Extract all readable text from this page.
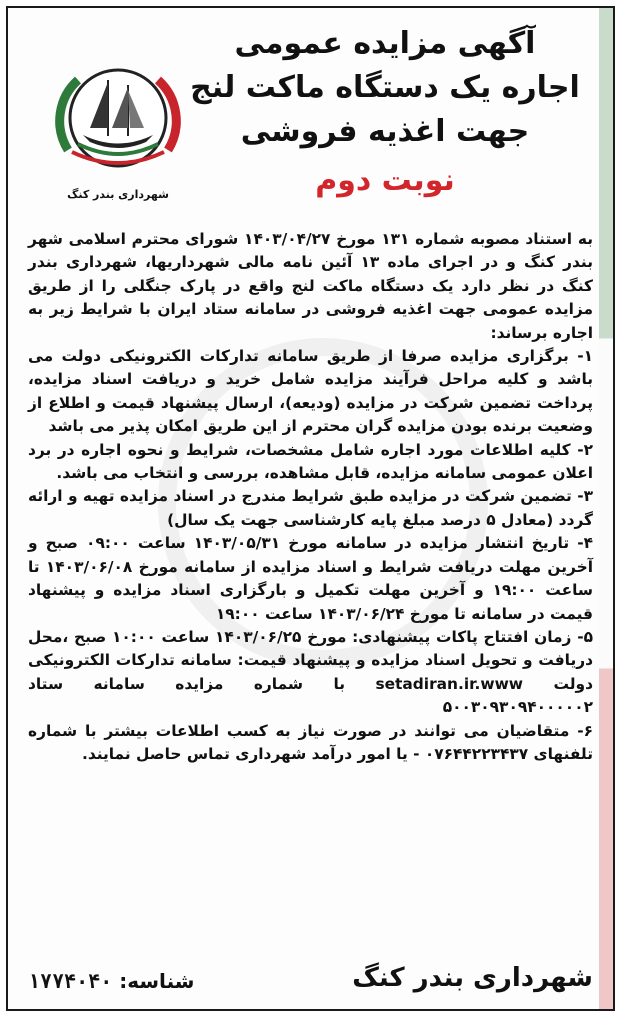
آگهی مزایده عمومی
اجاره یک دستگاه ماکت لنج
جهت اغذیه فروشی
نوبت دوم
شهرداری بندر کنگ

به استناد مصوبه شماره ۱۳۱ مورخ ۱۴۰۳/۰۴/۲۷ شورای محترم اسلامی شهر بندر کنگ و در اجرای ماده ۱۳ آئین نامه مالی شهرداریها، شهرداری بندر کنگ در نظر دارد یک دستگاه ماکت لنج واقع در پارک جنگلی را از طریق مزایده عمومی جهت اغذیه فروشی در سامانه ستاد ایران با شرایط زیر به اجاره برساند:

۱- برگزاری مزایده صرفا از طریق سامانه تدارکات الکترونیکی دولت می باشد و کلیه مراحل فرآیند مزایده شامل خرید و دریافت اسناد مزایده، پرداخت تضمین شرکت در مزایده (ودیعه)، ارسال پیشنهاد قیمت و اطلاع از وضعیت برنده بودن مزایده گران محترم از این طریق امکان پذیر می باشد

۲- کلیه اطلاعات مورد اجاره شامل مشخصات، شرایط و نحوه اجاره در برد اعلان عمومی سامانه مزایده، قابل مشاهده، بررسی و انتخاب می باشد.

۳- تضمین شرکت در مزایده طبق شرایط مندرج در اسناد مزایده تهیه و ارائه گردد (معادل ۵ درصد مبلغ پایه کارشناسی جهت یک سال)

۴- تاریخ انتشار مزایده در سامانه مورخ ۱۴۰۳/۰۵/۳۱ ساعت ۰۹:۰۰ صبح و آخرین مهلت دریافت شرایط و اسناد مزایده از سامانه مورخ ۱۴۰۳/۰۶/۰۸ تا ساعت ۱۹:۰۰ و آخرین مهلت تکمیل و بارگزاری اسناد مزایده و پیشنهاد قیمت در سامانه تا مورخ ۱۴۰۳/۰۶/۲۴ ساعت ۱۹:۰۰

۵- زمان افتتاح پاکات پیشنهادی: مورخ ۱۴۰۳/۰۶/۲۵ ساعت ۱۰:۰۰ صبح ،محل دریافت و تحویل اسناد مزایده و پیشنهاد قیمت: سامانه تدارکات الکترونیکی دولت setadiran.ir.www با شماره مزایده سامانه ستاد ۵۰۰۳۰۹۳۰۹۴۰۰۰۰۰۲

۶- متقاضیان می توانند در صورت نیاز به کسب اطلاعات بیشتر با شماره تلفنهای ۰۷۶۴۴۲۲۳۴۳۷ - یا امور درآمد شهرداری تماس حاصل نمایند.

شهرداری بندر کنگ
شناسه: ۱۷۷۴۰۴۰
